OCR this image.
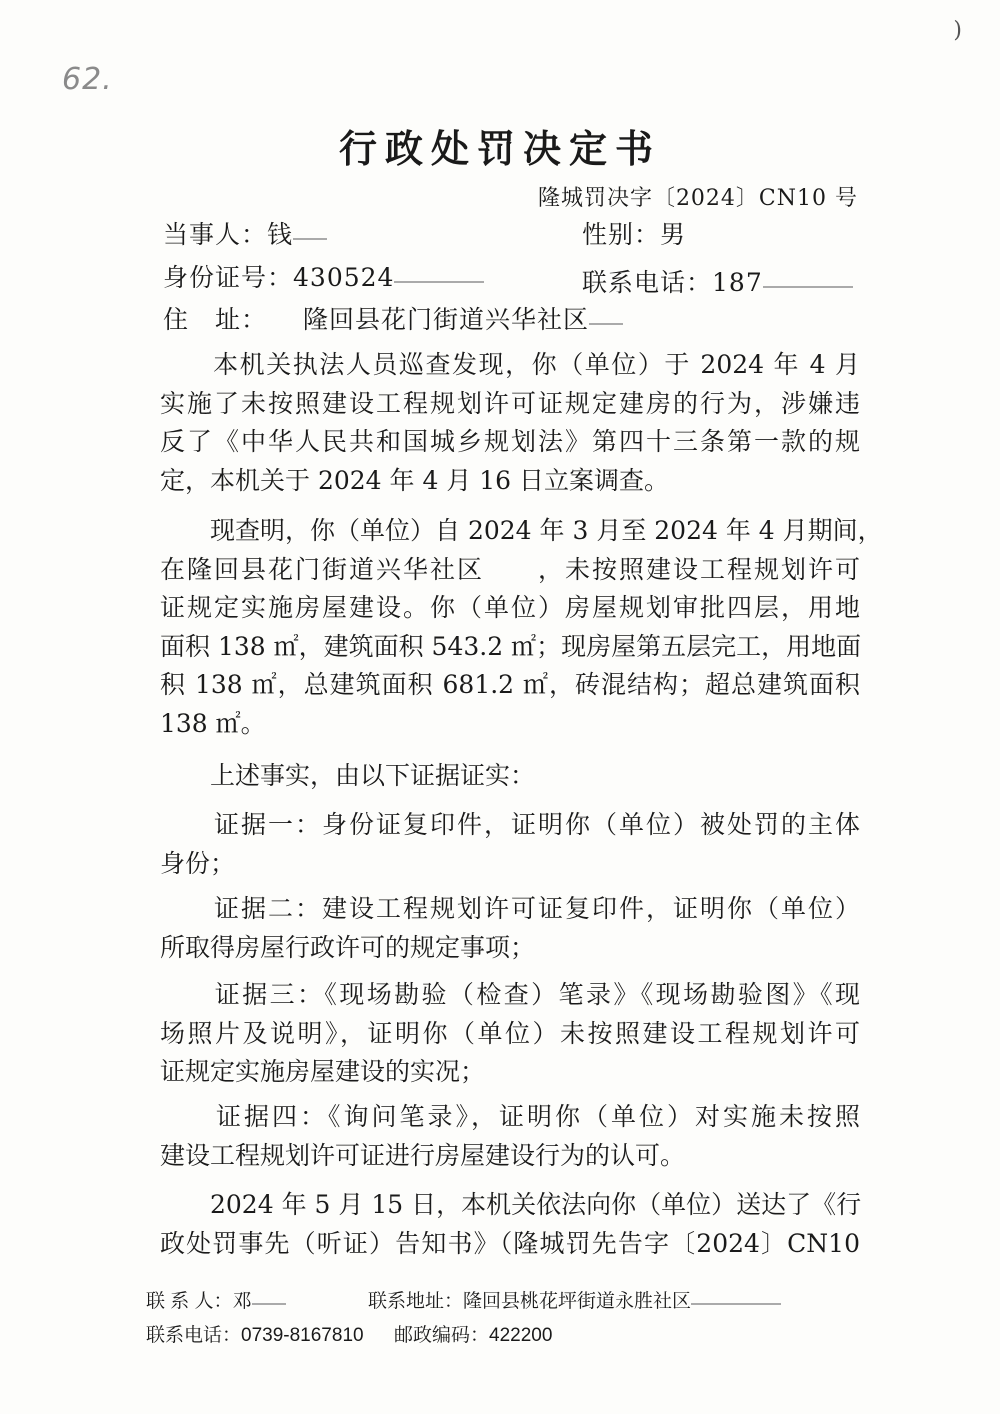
62.
)
行政处罚决定书
隆城罚决字〔2024〕CN10 号
当事人：钱	性别：男
身份证号：430524	联系电话：187
住　址： 隆回县花门街道兴华社区
　　本机关执法人员巡查发现，你（单位）于 2024 年 4 月
实施了未按照建设工程规划许可证规定建房的行为，涉嫌违
反了《中华人民共和国城乡规划法》第四十三条第一款的规
定，本机关于 2024 年 4 月 16 日立案调查。
　　现查明，你（单位）自 2024 年 3 月至 2024 年 4 月期间，
在隆回县花门街道兴华社区　　，未按照建设工程规划许可
证规定实施房屋建设。你（单位）房屋规划审批四层，用地
面积 138 ㎡，建筑面积 543.2 ㎡；现房屋第五层完工，用地面
积 138 ㎡，总建筑面积 681.2 ㎡，砖混结构；超总建筑面积
138 ㎡。
　　上述事实，由以下证据证实：
　　证据一：身份证复印件，证明你（单位）被处罚的主体
身份；
　　证据二：建设工程规划许可证复印件，证明你（单位）
所取得房屋行政许可的规定事项；
　　证据三：《现场勘验（检查）笔录》《现场勘验图》《现
场照片及说明》，证明你（单位）未按照建设工程规划许可
证规定实施房屋建设的实况；
　　证据四：《询问笔录》，证明你（单位）对实施未按照
建设工程规划许可证进行房屋建设行为的认可。
　　2024 年 5 月 15 日，本机关依法向你（单位）送达了《行
政处罚事先（听证）告知书》（隆城罚先告字〔2024〕CN10
联 系 人：邓	联系地址：隆回县桃花坪街道永胜社区
联系电话：0739-8167810 邮政编码：422200
